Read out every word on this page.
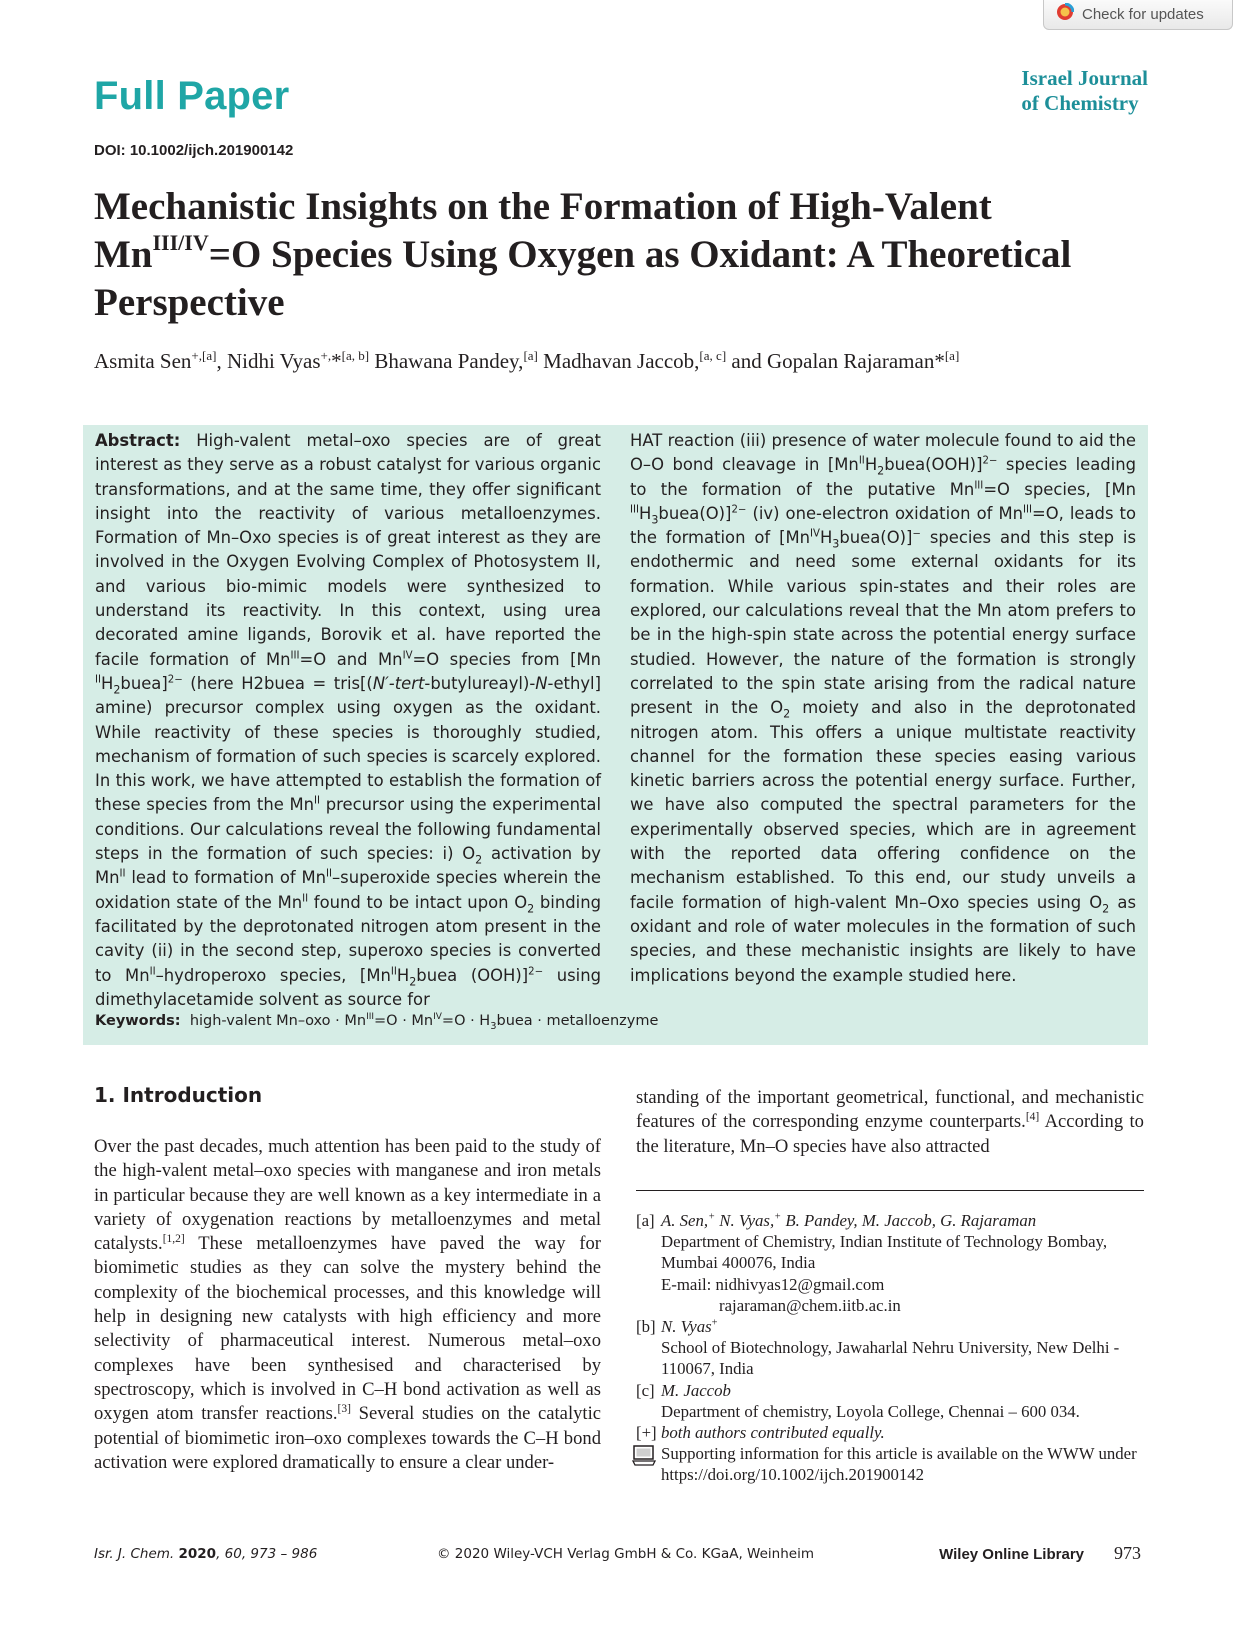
Check for updates
Full Paper	Israel Journal
of Chemistry
DOI: 10.1002/ijch.201900142
Mechanistic Insights on the Formation of High-Valent
$Mn^{III/IV}=O$ Species Using Oxygen as Oxidant: A Theoretical Perspective
Asmita Sen$^{+,[a]}$, Nidhi Vyas+,*[a, b] Bhawana Pandey,[a] Madhavan Jaccob,[a, c] and Gopalan Rajaraman*[a]
Abstract: High-valent metal–oxo species are of great interest as they serve as a robust catalyst for various organic transformations, and at the same time, they offer significant insight into the reactivity of various metalloenzymes. Formation of Mn–Oxo species is of great interest as they are involved in the Oxygen Evolving Complex of Photosystem II, and various bio-mimic models were synthesized to understand its reactivity. In this context, using urea decorated amine ligands, Borovik et al. have reported the facile formation of $Mn^{III}=O$ and $Mn^{IV}=O$ species from [Mn $^{II}H_2buea]^{2-}$ (here H2buea = tris[(N′-tert-butylureayl)-N-ethyl] amine) precursor complex using oxygen as the oxidant. While reactivity of these species is thoroughly studied, mechanism of formation of such species is scarcely explored. In this work, we have attempted to establish the formation of these species from the $Mn^{II}$ precursor using the experimental conditions. Our calculations reveal the following fundamental steps in the formation of such species: i) $O_2$ activation by $Mn^{II}$ lead to formation of $Mn^{II}$–superoxide species wherein the oxidation state of the $Mn^{II}$ found to be intact upon $O_2$ binding facilitated by the deprotonated nitrogen atom present in the cavity (ii) in the second step, superoxo species is converted to $Mn^{II}$–hydroperoxo species, [$Mn^{II}H_2buea$ (OOH)]$^{2-}$ using dimethylacetamide solvent as source for
HAT reaction (iii) presence of water molecule found to aid the O–O bond cleavage in $[Mn^{II}H_2buea(OOH)]^{2-}$ species leading to the formation of the putative $Mn^{III}=O$ species, [Mn $^{III}H_3buea(O)]^{2-}$ (iv) one-electron oxidation of $Mn^{III}=O$, leads to the formation of $[Mn^{IV}H_3buea(O)]^-$ species and this step is endothermic and need some external oxidants for its formation. While various spin-states and their roles are explored, our calculations reveal that the Mn atom prefers to be in the high-spin state across the potential energy surface studied. However, the nature of the formation is strongly correlated to the spin state arising from the radical nature present in the $O_2$ moiety and also in the deprotonated nitrogen atom. This offers a unique multistate reactivity channel for the formation these species easing various kinetic barriers across the potential energy surface. Further, we have also computed the spectral parameters for the experimentally observed species, which are in agreement with the reported data offering confidence on the mechanism established. To this end, our study unveils a facile formation of high-valent Mn–Oxo species using $O_2$ as oxidant and role of water molecules in the formation of such species, and these mechanistic insights are likely to have implications beyond the example studied here.
Keywords: high-valent $Mn-oxo \cdot Mn^{III}=O \cdot Mn^{IV}=O$ · $H_3buea$ · metalloenzyme
1. Introduction
Over the past decades, much attention has been paid to the study of the high-valent metal–oxo species with manganese and iron metals in particular because they are well known as a key intermediate in a variety of oxygenation reactions by metalloenzymes and metal catalysts.[1,2] These metalloenzymes have paved the way for biomimetic studies as they can solve the mystery behind the complexity of the biochemical processes, and this knowledge will help in designing new catalysts with high efficiency and more selectivity of pharmaceutical interest. Numerous metal–oxo complexes have been synthesised and characterised by spectroscopy, which is involved in C–H bond activation as well as oxygen atom transfer reactions.[3] Several studies on the catalytic potential of biomimetic iron–oxo complexes towards the C–H bond activation were explored dramatically to ensure a clear under-
standing of the important geometrical, functional, and mechanistic features of the corresponding enzyme counterparts.[4] According to the literature, Mn–O species have also attracted
[a] A. Sen,+ N. Vyas,+ B. Pandey, M. Jaccob, G. Rajaraman
Department of Chemistry, Indian Institute of Technology Bombay, Mumbai 400076, India
E-mail: nidhivyas12@gmail.com

rajaraman@chem.iitb.ac.in
[b] N. Vyas+
School of Biotechnology, Jawaharlal Nehru University, New Delhi - 110067, India
[c] M. Jaccob
Department of chemistry, Loyola College, Chennai – 600 034.
[+] both authors contributed equally.
Supporting information for this article is available on the WWW under https://doi.org/10.1002/ijch.201900142
Isr. J. Chem. 2020, 60, 973 – 986	© 2020 Wiley-VCH Verlag GmbH & Co. KGaA, Weinheim	Wiley Online Library 973
